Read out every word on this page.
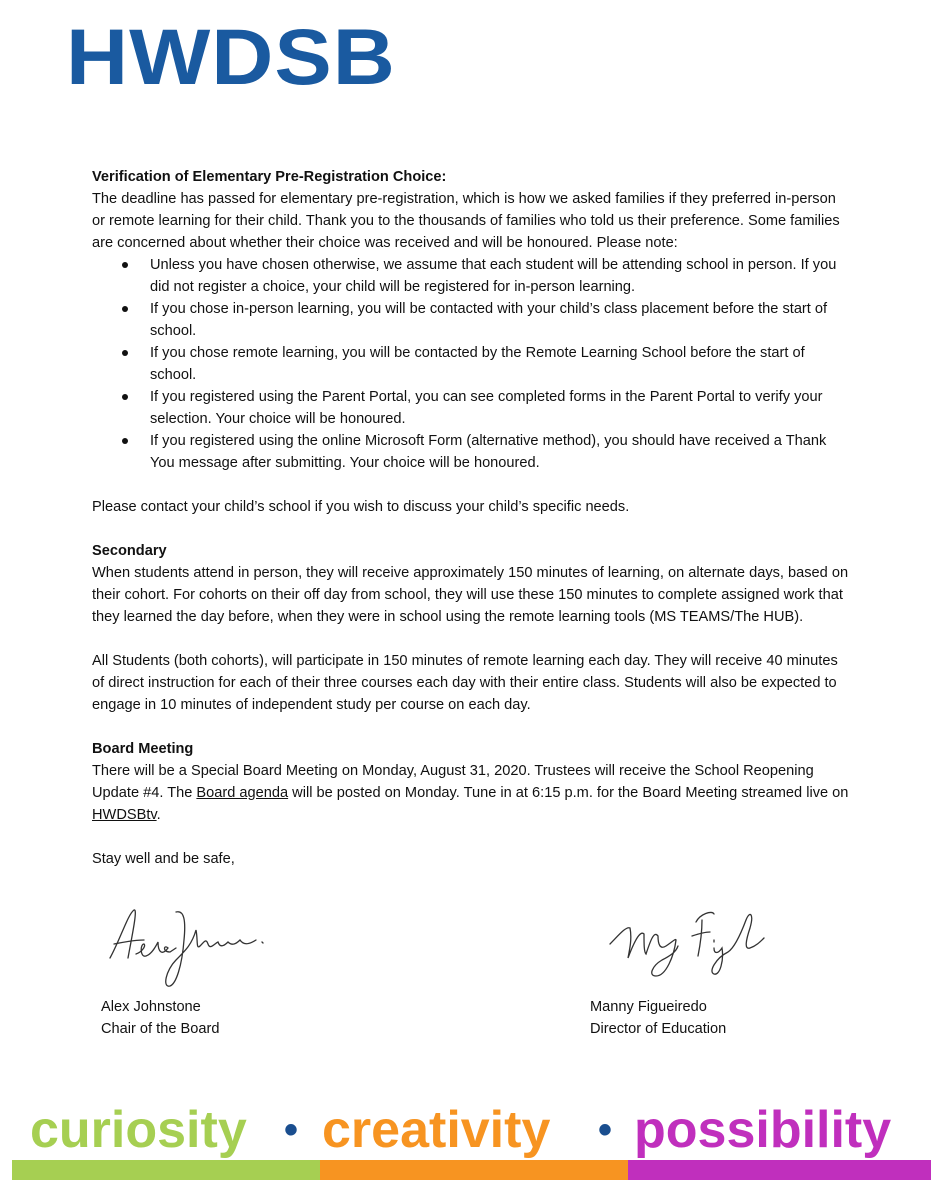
HWDSB

Verification of Elementary Pre-Registration Choice:

The deadline has passed for elementary pre-registration, which is how we asked families if they preferred in-person or remote learning for their child. Thank you to the thousands of families who told us their preference. Some families are concerned about whether their choice was received and will be honoured. Please note:

Unless you have chosen otherwise, we assume that each student will be attending school in person. If you did not register a choice, your child will be registered for in-person learning.
If you chose in-person learning, you will be contacted with your child’s class placement before the start of school.
If you chose remote learning, you will be contacted by the Remote Learning School before the start of school.
If you registered using the Parent Portal, you can see completed forms in the Parent Portal to verify your selection. Your choice will be honoured.
If you registered using the online Microsoft Form (alternative method), you should have received a Thank You message after submitting. Your choice will be honoured.

Please contact your child’s school if you wish to discuss your child’s specific needs.

Secondary

When students attend in person, they will receive approximately 150 minutes of learning, on alternate days, based on their cohort. For cohorts on their off day from school, they will use these 150 minutes to complete assigned work that they learned the day before, when they were in school using the remote learning tools (MS TEAMS/The HUB).

All Students (both cohorts), will participate in 150 minutes of remote learning each day. They will receive 40 minutes of direct instruction for each of their three courses each day with their entire class. Students will also be expected to engage in 10 minutes of independent study per course on each day.

Board Meeting

There will be a Special Board Meeting on Monday, August 31, 2020. Trustees will receive the School Reopening Update #4. The Board agenda will be posted on Monday. Tune in at 6:15 p.m. for the Board Meeting streamed live on HWDSBtv.

Stay well and be safe,

Alex Johnstone
Chair of the Board
Manny Figueiredo
Director of Education
curiosity • creativity • possibility
